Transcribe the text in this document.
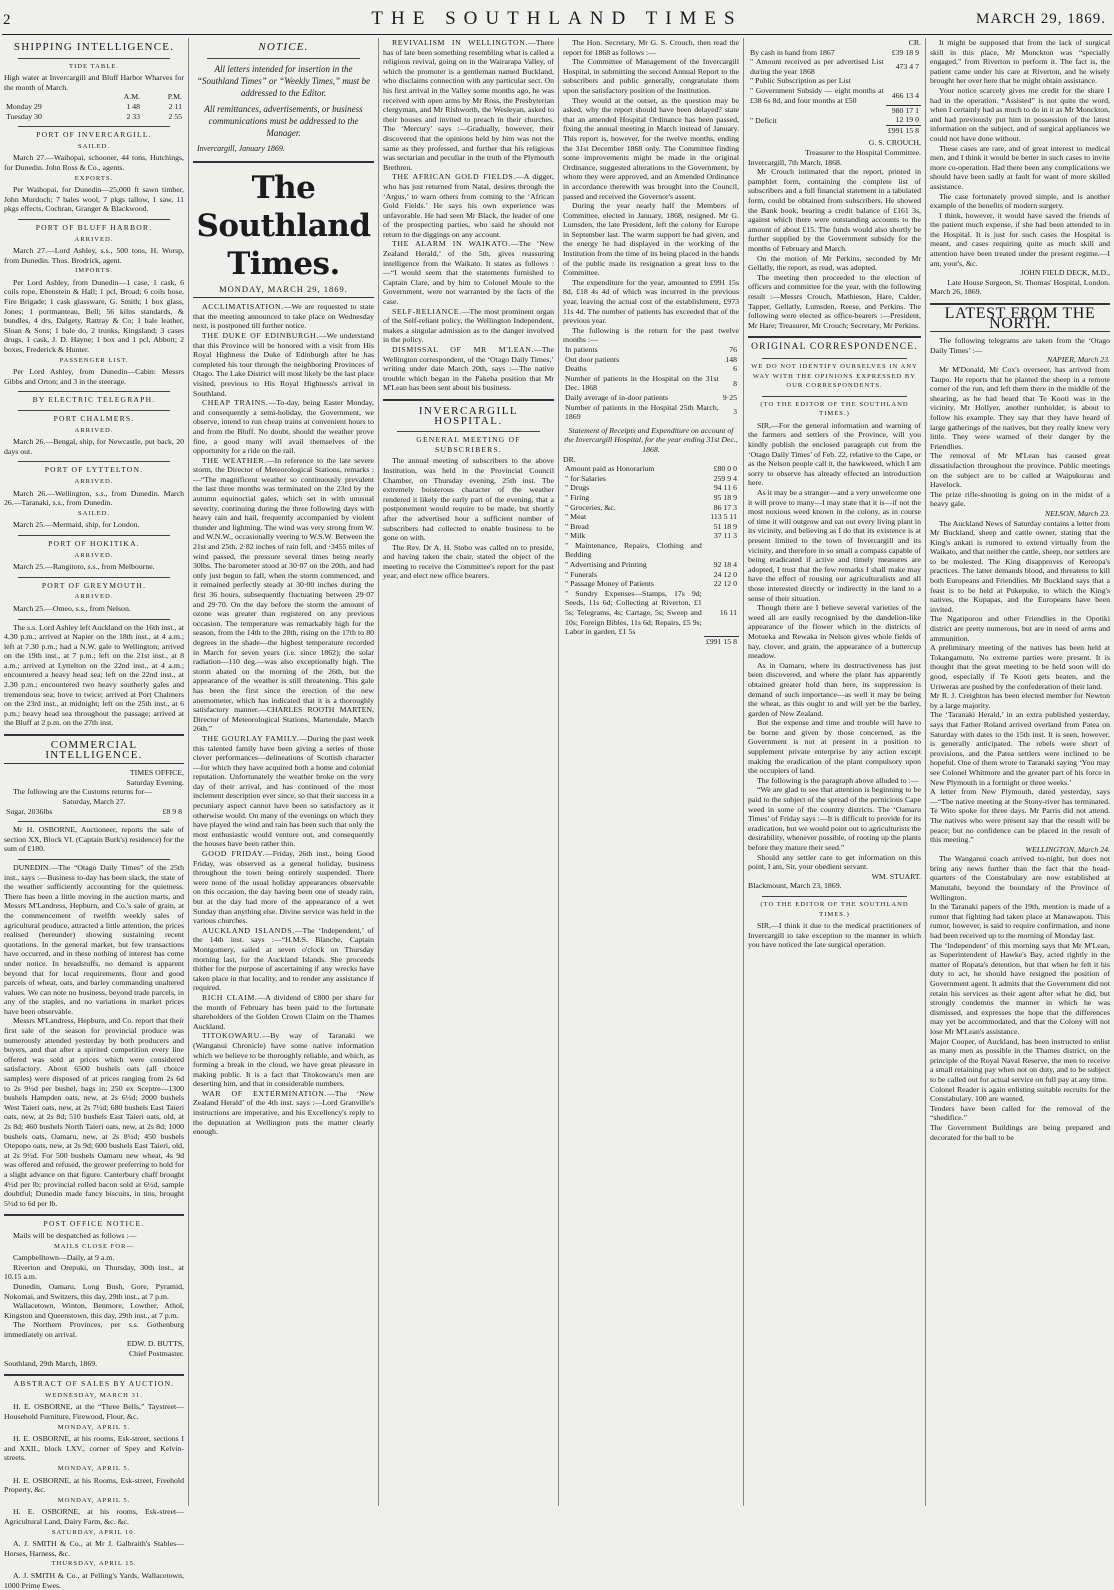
2	THE SOUTHLAND TIMES	MARCH 29, 1869.
SHIPPING INTELLIGENCE.
TIDE TABLE.

High water at Invercargill and Bluff Harbor Wharves for the month of March.

	A.M.	P.M.
Monday 29	1 48	2 11
Tuesday 30	2 33	2 55
PORT OF INVERCARGILL.
SAILED.

March 27.—Waihopai, schooner, 44 tons, Hutchings, for Dunedin. John Ross & Co., agents.

EXPORTS.

Per Waihopai, for Dunedin—25,000 ft sawn timber, John Murdoch; 7 bales wool, 7 pkgs tallow, 1 saw, 11 pkgs effects, Cochran, Granger & Blackwood.

PORT OF BLUFF HARBOR.
ARRIVED.

March 27.—Lord Ashley, s.s., 500 tons, H. Worsp, from Dunedin. Thos. Brodrick, agent.

IMPORTS.

Per Lord Ashley, from Dunedin—1 case, 1 cask, 6 coils rope, Ebenstein & Hall; 1 pcl, Broad; 6 coils hose, Fire Brigade; 1 cask glassware, G. Smith; 1 box glass, Jones; 1 portmanteau, Bell; 56 kilns standards, & bundles, 4 drs, Dalgety, Rattray & Co; 1 bale leather, Sloan & Sons; 1 bale do, 2 trunks, Kingsland; 3 cases drugs, 1 cask, J. D. Hayne; 1 box and 1 pcl, Abbott; 2 boxes, Frederick & Hunter.

PASSENGER LIST.

Per Lord Ashley, from Dunedin—Cabin: Messrs Gibbs and Orton; and 3 in the steerage.

BY ELECTRIC TELEGRAPH.
PORT CHALMERS.
ARRIVED.

March 26.—Bengal, ship, for Newcastle, put back, 20 days out.

PORT OF LYTTELTON.
ARRIVED.

March 26.—Wellington, s.s., from Dunedin. March 26.—Taranaki, s.s., from Dunedin.

SAILED.

March 25.—Mermaid, ship, for London.

PORT OF HOKITIKA.
ARRIVED.

March 25.—Rangitoto, s.s., from Melbourne.

PORT OF GREYMOUTH.
ARRIVED.

March 25.—Omeo, s.s., from Nelson.

The s.s. Lord Ashley left Auckland on the 16th inst., at 4.30 p.m.; arrived at Napier on the 18th inst., at 4 a.m.; left at 7.30 p.m.; had a N.W. gale to Wellington; arrived on the 19th inst., at 7 p.m.; left on the 21st inst., at 8 a.m.; arrived at Lyttelton on the 22nd inst., at 4 a.m.; encountered a heavy head sea; left on the 22nd inst., at 2.30 p.m.; encountered two heavy southerly gales and tremendous sea; hove to twice; arrived at Port Chalmers on the 23rd inst., at midnight; left on the 25th inst., at 6 p.m.; heavy head sea throughout the passage; arrived at the Bluff at 2 p.m. on the 27th inst.

COMMERCIAL INTELLIGENCE.

TIMES OFFICE,

Saturday Evening.

The following are the Customs returns for—

Saturday, March 27.

Sugar, 2036lbs	£8 9 8

Mr H. OSBORNE, Auctioneer, reports the sale of section XX, Block VI. (Captain Burk's) residence) for the sum of £180.

DUNEDIN.—The “Otago Daily Times” of the 25th inst., says :—Business to-day has been slack, the state of the weather sufficiently accounting for the quietness. There has been a little moving in the auction marts, and Messrs M'Landress, Hepburn, and Co.'s sale of grain, at the commencement of twelfth weekly sales of agricultural produce, attracted a little attention, the prices realised (hereunder) showing sustaining recent quotations. In the general market, but few transactions have occurred, and in these nothing of interest has come under notice. In breadstuffs, no demand is apparent beyond that for local requirements, flour and good parcels of wheat, oats, and barley commanding unaltered values. We can note no business, beyond trade parcels, in any of the staples, and no variations in market prices have been observable.

Messrs M'Landress, Hepburn, and Co. report that their first sale of the season for provincial produce was numerously attended yesterday by both producers and buyers, and that after a spirited competition every line offered was sold at prices which were considered satisfactory. About 6500 bushels oats (all choice samples) were disposed of at prices ranging from 2s 6d to 2s 9½d per bushel, bags in; 250 ex Sceptre—1300 bushels Hampden oats, new, at 2s 6½d; 2000 bushels West Taieri oats, new, at 2s 7½d; 680 bushels East Taieri oats, new, at 2s 8d; 510 bushels East Taieri oats, old, at 2s 8d; 460 bushels North Taieri oats, new, at 2s 8d; 1000 bushels oats, Oamaru, new, at 2s 8½d; 450 bushels Otepopo oats, new, at 2s 9d; 600 bushels East Taieri, old, at 2s 9½d. For 500 bushels Oamaru new wheat, 4s 9d was offered and refused, the grower preferring to hold for a slight advance on that figure. Canterbury chaff brought 4½d per lb; provincial rolled bacon sold at 6½d, sample doubtful; Dunedin made fancy biscuits, in tins, brought 5½d to 6d per lb.

POST OFFICE NOTICE.

Mails will be despatched as follows :—

MAILS CLOSE FOR—

Campbelltown—Daily, at 9 a.m.

Riverton and Orepuki, on Thursday, 30th inst., at 10.15 a.m.

Dunedin, Oamaru, Long Bush, Gore, Pyramid, Nokomai, and Switzers, this day, 29th inst., at 7 p.m.

Wallacetown, Winton, Benmore, Lowther, Athol, Kingston and Queenstown, this day, 29th inst., at 7 p.m.

The Northern Provinces, per s.s. Gothenburg immediately on arrival.

EDW. D. BUTTS,

Chief Postmaster.

Southland, 29th March, 1869.

ABSTRACT OF SALES BY AUCTION.
WEDNESDAY, MARCH 31.

H. E. OSBORNE, at the “Three Bells,” Taystreet—Household Furniture, Firewood, Flour, &c.

MONDAY, APRIL 5.

H. E. OSBORNE, at his rooms, Esk-street, sections I and XXII., block LXV., corner of Spey and Kelvin-streets.

MONDAY, APRIL 5.

H. E. OSBORNE, at his Rooms, Esk-street, Freehold Property, &c.

MONDAY, APRIL 5.

H. E. OSBORNE, at his rooms, Esk-street—Agricultural Land, Dairy Farm, &c. &c.

SATURDAY, APRIL 10.

A. J. SMITH & Co., at Mr J. Galbraith's Stables—Horses, Harness, &c.

THURSDAY, APRIL 15.

A. J. SMITH & Co., at Pelling's Yards, Wallacetown, 1000 Prime Ewes.

NOTICE.
All letters intended for insertion in the “Southland Times” or “Weekly Times,” must be addressed to the Editor.
All remittances, advertisements, or business communications must be addressed to the Manager.
Invercargill, January 1869.
The Southland Times.
MONDAY, MARCH 29, 1869.

ACCLIMATISATION.—We are requested to state that the meeting announced to take place on Wednesday next, is postponed till further notice.

THE DUKE OF EDINBURGH.—We understand that this Province will be honored with a visit from His Royal Highness the Duke of Edinburgh after he has completed his tour through the neighboring Provinces of Otago. The Lake District will most likely be the last place visited, previous to His Royal Highness's arrival in Southland.

CHEAP TRAINS.—To-day, being Easter Monday, and consequently a semi-holiday, the Government, we observe, intend to run cheap trains at convenient hours to and from the Bluff. No doubt, should the weather prove fine, a good many will avail themselves of the opportunity for a ride on the rail.

THE WEATHER.—In reference to the late severe storm, the Director of Meteorological Stations, remarks :—“The magnificent weather so continuously prevalent the last three months was terminated on the 23rd by the autumn equinoctial gales, which set in with unusual severity, continuing during the three following days with heavy rain and hail, frequently accompanied by violent thunder and lightning. The wind was very strong from W. and W.N.W., occasionally veering to W.S.W. Between the 21st and 25th, 2·82 inches of rain fell, and ·3455 miles of wind passed, the pressure several times being nearly 30lbs. The barometer stood at 30·07 on the 20th, and had only just begun to fall, when the storm commenced, and it remained perfectly steady at 30·00 inches during the first 36 hours, subsequently fluctuating between 29·07 and 29·70. On the day before the storm the amount of ozone was greater than registered on any previous occasion. The temperature was remarkably high for the season, from the 14th to the 28th, rising on the 17th to 80 degrees in the shade—the highest temperature recorded in March for seven years (i.e. since 1862); the solar radiation—110 deg.—was also exceptionally high. The storm abated on the morning of the 26th, but the appearance of the weather is still threatening. This gale has been the first since the erection of the new anemometer, which has indicated that it is a thoroughly satisfactory manner.—CHARLES ROOTH MARTEN, Director of Meteorological Stations, Martendale, March 26th.”

THE GOURLAY FAMILY.—During the past week this talented family have been giving a series of those clever performances—delineations of Scottish character—for which they have acquired both a home and colonial reputation. Unfortunately the weather broke on the very day of their arrival, and has continued of the most inclement description ever since, so that their success in a pecuniary aspect cannot have been so satisfactory as it otherwise would. On many of the evenings on which they have played the wind and rain has been such that only the most enthusiastic would venture out, and consequently the houses have been rather thin.

GOOD FRIDAY.—Friday, 26th inst., being Good Friday, was observed as a general holiday, business throughout the town being entirely suspended. There were none of the usual holiday appearances observable on this occasion, the day having been one of steady rain, but at the day had more of the appearance of a wet Sunday than anything else. Divine service was held in the various churches.

AUCKLAND ISLANDS.—The ‘Independent,’ of the 14th inst. says :—“H.M.S. Blanche, Captain Montgomery, sailed at seven o'clock on Thursday morning last, for the Auckland Islands. She proceeds thither for the purpose of ascertaining if any wrecks have taken place in that locality, and to render any assistance if required.

RICH CLAIM.—A dividend of £800 per share for the month of February has been paid to the fortunate shareholders of the Golden Crown Claim on the Thames Auckland.

TITOKOWARU.—By way of Taranaki we (Wanganui Chronicle) have some native information which we believe to be thoroughly reliable, and which, as forming a break in the cloud, we have great pleasure in making public. It is a fact that Titokowaru's men are deserting him, and that in considerable numbers.

WAR OF EXTERMINATION.—The ‘New Zealand Herald’ of the 4th inst. says :—Lord Granville's instructions are imperative, and his Excellency's reply to the deputation at Wellington puts the matter clearly enough.

REVIVALISM IN WELLINGTON.—There has of late been something resembling what is called a religious revival, going on in the Wairarapa Valley, of which the promoter is a gentleman named Buckland, who disclaims connection with any particular sect. On his first arrival in the Valley some months ago, he was received with open arms by Mr Ross, the Presbyterian clergyman, and Mr Rishworth, the Wesleyan, asked to their houses and invited to preach in their churches. The ‘Mercury’ says :—Gradually, however, their discovered that the opinions held by him was not the same as they professed, and further that his religious was sectarian and peculiar in the truth of the Plymouth Brethren.

THE AFRICAN GOLD FIELDS.—A digger, who has just returned from Natal, desires through the ‘Argus,’ to warn others from coming to the ‘African Gold Fields.’ He says his own experience was unfavorable. He had seen Mr Black, the leader of one of the prospecting parties, who said he should not return to the diggings on any account.

THE ALARM IN WAIKATO.—The ‘New Zealand Herald,’ of the 5th, gives reassuring intelligence from the Waikato. It states as follows :—“I would seem that the statements furnished to Captain Clare, and by him to Colonel Moule to the Government, were not warranted by the facts of the case.

SELF-RELIANCE.—The most prominent organ of the Self-reliant policy, the Wellington Independent, makes a singular admission as to the danger involved in the policy.

DISMISSAL OF MR M'LEAN.—The Wellington correspondent, of the ‘Otago Daily Times,’ writing under date March 20th, says :—The native trouble which began in the Pakeha position that Mr M'Lean has been sent about his business.

INVERCARGILL HOSPITAL.
GENERAL MEETING OF SUBSCRIBERS.

The annual meeting of subscribers to the above Institution, was held in the Provincial Council Chamber, on Thursday evening, 25th inst. The extremely boisterous character of the weather rendered it likely the early part of the evening, that a postponement would require to be made, but shortly after the advertised hour a sufficient number of subscribers had collected to enable business to be gone on with.

The Rev. Dr A. H. Stobo was called on to preside, and having taken the chair, stated the object of the meeting to receive the Committee's report for the past year, and elect new office bearers.

The Hon. Secretary, Mr G. S. Crouch, then read the report for 1868 as follows :—

The Committee of Management of the Invercargill Hospital, in submitting the second Annual Report to the subscribers and public generally, congratulate them upon the satisfactory position of the Institution.

They would at the outset, as the question may be asked, why the report should have been delayed? state that an amended Hospital Ordinance has been passed, fixing the annual meeting in March instead of January. This report is, however, for the twelve months, ending the 31st December 1868 only. The Committee finding some improvements might be made in the original Ordinance, suggested alterations to the Government, by whom they were approved, and an Amended Ordinance in accordance therewith was brought into the Council, passed and received the Governor's assent.

During the year nearly half the Members of Committee, elected in January, 1868, resigned. Mr G. Lumsden, the late President, left the colony for Europe in September last. The warm support he had given, and the energy he had displayed in the working of the Institution from the time of its being placed in the hands of the public made its resignation a great loss to the Committee.

The expenditure for the year, amounted to £991 15s 8d, £18 4s 4d of which was incurred in the previous year, leaving the actual cost of the establishment, £973 11s 4d. The number of patients has exceeded that of the previous year.

The following is the return for the past twelve months :—

In patients	76
Out door patients	148
Deaths	6
Number of patients in the Hospital on the 31st Dec. 1868	8
Daily average of in-door patients	9·25
Number of patients in the Hospital 25th March, 1869	3

Statement of Receipts and Expenditure on account of the Invercargill Hospital, for the year ending 31st Dec., 1868.

DR.

Amount paid as Honorarium	£80 0 0
" for Salaries	259 9 4
" Drugs	94 11 6
" Firing	95 18 9
" Groceries, &c.	86 17 3
" Meat	113 5 11
" Bread	51 18 9
" Milk	37 11 3
" Maintenance, Repairs, Clothing and Bedding	
" Advertising and Printing	92 18 4
" Funerals	24 12 0
" Passage Money of Patients	22 12 0
" Sundry Expenses—Stamps, 17s 9d; Seeds, 11s 6d; Collecting at Riverton, £1 5s; Telegrams, 4s; Cartage, 5s; Sweep and 10s; Foreign Bibles, 11s 6d; Repairs, £5 9s; Labor in garden, £1 5s	16 11
	£991 15 8

CR.

By cash in hand from 1867	£39 18 9
" Amount received as per advertised List during the year 1868	473 4 7
" Public Subscription as per List	
" Government Subsidy — eight months at £38 6s 8d, and four months at £50	466 13 4
	980 17 1
" Deficit	12 19 0
	£991 15 8

G. S. CROUCH,

Treasurer to the Hospital Committee.

Invercargill, 7th March, 1868.

Mr Crouch intimated that the report, printed in pamphlet form, containing the complete list of subscribers and a full financial statement in a tabulated form, could be obtained from subscribers. He showed the Bank book, bearing a credit balance of £161 3s, against which there were outstanding accounts to the amount of about £15. The funds would also shortly be further supplied by the Government subsidy for the months of February and March.

On the motion of Mr Perkins, seconded by Mr Gellatly, the report, as read, was adopted.

The meeting then proceeded to the election of officers and committee for the year, with the following result :—Messrs Crouch, Mathieson, Hare, Calder, Tapper, Gellatly, Lumsden, Reese, and Perkins. The following were elected as office-bearers :—President, Mr Hare; Treasurer, Mr Crouch; Secretary, Mr Perkins.

ORIGINAL CORRESPONDENCE.
WE DO NOT IDENTIFY OURSELVES IN ANY WAY WITH THE OPINIONS EXPRESSED BY OUR CORRESPONDENTS.
(TO THE EDITOR OF THE SOUTHLAND TIMES.)

SIR,—For the general information and warning of the farmers and settlers of the Province, will you kindly publish the enclosed paragraph cut from the ‘Otago Daily Times’ of Feb. 22, relative to the Cape, or as the Nelson people call it, the hawkweed, which I am sorry to observe has already effected an introduction here.

As it may be a stranger—and a very unwelcome one it will prove to many—I may state that it is—if not the most noxious weed known in the colony, as in course of time it will outgrow and eat out every living plant in its vicinity, and believing as I do that its existence is at present limited to the town of Invercargill and its vicinity, and therefore in so small a compass capable of being eradicated if active and timely measures are adopted, I trust that the few remarks I shall make may have the effect of rousing our agriculturalists and all those interested directly or indirectly in the land to a sense of their situation.

Though there are I believe several varieties of the weed all are easily recognised by the dandelion-like appearance of the flower which in the districts of Motueka and Rewaka in Nelson gives whole fields of hay, clover, and grain, the appearance of a buttercup meadow.

As in Oamaru, where its destructiveness has just been discovered, and where the plant has apparently obtained greater hold than here, its suppression is demand of such importance—as well it may be being the wheat, as this ought to and will yet be the barley, garden of New Zealand.

But the expense and time and trouble will have to be borne and given by those concerned, as the Government is not at present in a position to supplement private enterprise by any action except making the eradication of the plant compulsory upon the occupiers of land.

The following is the paragraph above alluded to :—

“We are glad to see that attention is beginning to be paid to the subject of the spread of the pernicious Cape weed in some of the country districts. The ‘Oamaru Times’ of Friday says :—It is difficult to provide for its eradication, but we would point out to agriculturists the desirability, whenever possible, of rooting up the plants before they mature their seed.”

Should any settler care to get information on this point, I am, Sir, your obedient servant.

WM. STUART.

Blackmount, March 23, 1869.

(TO THE EDITOR OF THE SOUTHLAND TIMES.)

SIR,—I think it due to the medical practitioners of Invercargill to take exception to the manner in which you have noticed the late surgical operation.

It might be supposed that from the lack of surgical skill in this place, Mr Monckton was “specially engaged,” from Riverton to perform it. The fact is, the patient came under his care at Riverton, and he wisely brought her over here that he might obtain assistance.

Your notice scarcely gives me credit for the share I had in the operation. “Assisted” is not quite the word, when I certainly had as much to do in it as Mr Monckton, and had previously put him in possession of the latest information on the subject, and of surgical appliances we could not have done without.

These cases are rare, and of great interest to medical men, and I think it would be better in such cases to invite more co-operation. Had there been any complications we should have been sadly at fault for want of more skilled assistance.

The case fortunately proved simple, and is another example of the benefits of modern surgery.

I think, however, it would have saved the friends of the patient much expense, if she had been attended to in the Hospital. It is just for such cases the Hospital is meant, and cases requiring quite as much skill and attention have been treated under the present regime.—I am, your's, &c.

JOHN FIELD DECK, M.D.,

Late House Surgeon, St. Thomas' Hospital, London.

March 26, 1869.

LATEST FROM THE NORTH.

The following telegrams are taken from the ‘Otago Daily Times’ :—

NAPIER, March 23.

Mr M'Donald, Mr Cox's overseer, has arrived from Taupo. He reports that he planted the sheep in a remote corner of the run, and left them there in the middle of the shearing, as he had heard that Te Kooti was in the vicinity. Mr Hollyer, another runholder, is about to follow his example. They say that they have heard of large gatherings of the natives, but they really knew very little. They were warned of their danger by the Friendlies.
The removal of Mr M'Lean has caused great dissatisfaction throughout the province. Public meetings on the subject are to be called at Waipukurau and Havelock.
The prize rifle-shooting is going on in the midst of a heavy gale.

NELSON, March 23.

The Auckland News of Saturday contains a letter from Mr Buckland, sheep and cattle owner, stating that the King's ankati is rumored to extend virtually from the Waikato, and that neither the cattle, sheep, nor settlers are to be molested. The King disapproves of Kereopa's practices. The latter demands blood, and threatens to kill both Europeans and Friendlies. Mr Buckland says that a feast is to be held at Pukepuke, to which the King's natives, the Kupapas, and the Europeans have been invited.
The Ngatiporou and other Friendlies in the Opotiki district are pretty numerous, but are in need of arms and ammunition.
A preliminary meeting of the natives has been held at Tokangamutu. No extreme parties were present. It is thought that the great meeting to be held soon will do good, especially if Te Kooti gets beaten, and the Uriweras are pushed by the confederation of their land.
Mr R. J. Creighton has been elected member for Newton by a large majority.
The ‘Taranaki Herald,’ in an extra published yesterday, says that Father Roland arrived overland from Patea on Saturday with dates to the 15th inst. It is seen, however, is generally anticipated. The rebels were short of provisions, and the Patea settlers were inclined to be hopeful. One of them wrote to Taranaki saying ‘You may see Colonel Whitmore and the greater part of his force in New Plymouth in a fortnight or three weeks.’
A letter from New Plymouth, dated yesterday, says—“The native meeting at the Stony-river has terminated. Te Wito spoke for three days. Mr Parris did not attend. The natives who were present say that the result will be peace; but no confidence can be placed in the result of this meeting.”

WELLINGTON, March 24.

The Wanganui coach arrived to-night, but does not bring any news further than the fact that the head-quarters of the Constabulary are now established at Manutahi, beyond the boundary of the Province of Wellington.
In the Taranaki papers of the 19th, mention is made of a rumor that fighting had taken place at Manawapou. This rumor, however, is said to require confirmation, and none had been received up to the morning of Monday last.
The ‘Independent’ of this morning says that Mr M'Lean, as Superintendent of Hawke's Bay, acted rightly in the matter of Ropata's detention, but that when he felt it his duty to act, he should have resigned the position of Government agent. It admits that the Government did not retain his services as their agent after what he did, but strongly condemns the manner in which he was dismissed, and expresses the hope that the differences may yet be accommodated, and that the Colony will not lose Mr M'Lean's assistance.
Major Cooper, of Auckland, has been instructed to enlist as many men as possible in the Thames district, on the principle of the Royal Naval Reserve, the men to receive a small retaining pay when not on duty, and to be subject to be called out for actual service on full pay at any time.
Colonel Reader is again enlisting suitable recruits for the Constabulary. 100 are wanted.
Tenders have been called for the removal of the “shedifice.”
The Government Buildings are being prepared and decorated for the ball to be
